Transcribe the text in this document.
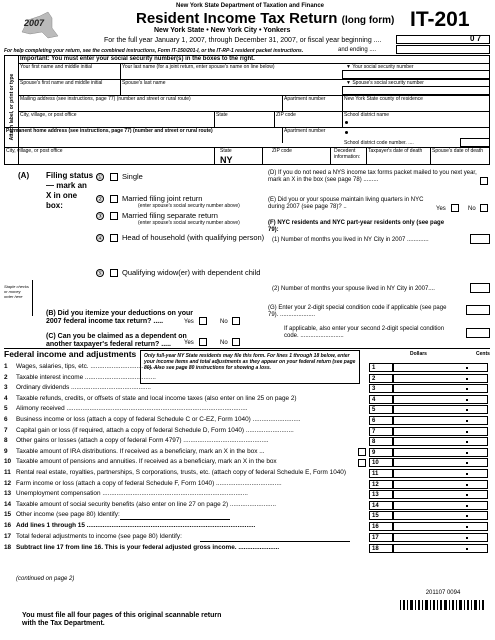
New York State Department of Taxation and Finance
2007	Resident Income Tax Return (long form)
New York State • New York City • Yonkers	IT-201
For the full year January 1, 2007, through December 31, 2007, or fiscal year beginning ....	0 7
and ending ....
For help completing your return, see the combined instructions, Form IT-150/201-I, or the IT-RP-1 resident packet instructions.
Attach label, or print or type
Important: You must enter your social security number(s) in the boxes to the right.
Your first name and middle initial	Your last name (for a joint return, enter spouse's name on line below)	▼ Your social security number
Spouse's first name and middle initial	Spouse's last name	▼ Spouse's social security number
Mailing address (see instructions, page 77) (number and street or rural route)	Apartment number	New York State county of residence
City, village, or post office	State	ZIP code	School district name
Permanent home address (see instructions, page 77) (number and street or rural route)	Apartment number
School district code number. ....
City, village, or post office	State
NY
ZIP code	Decedent information:
Taxpayer's date of death Spouse's date of death
(A) Filing status — mark an X in one box:
①	Single
②	Married filing joint return
(enter spouse's social security number above)
③	Married filing separate return
(enter spouse's social security number above)
④	Head of household (with qualifying person)
⑤	Qualifying widow(er) with dependent child
Staple checks or money order here
(B) Did you itemize your deductions on your 2007 federal income tax return? .....	Yes	No
(C) Can you be claimed as a dependent on another taxpayer's federal return? .....	Yes	No
(D) If you do not need a NYS income tax forms packet mailed to you next year, mark an X in the box (see page 78) .........
(E) Did you or your spouse maintain living quarters in NYC during 2007 (see page 78)? ..	Yes	No
(F) NYC residents and NYC part-year residents only (see page 79):
(1) Number of months you lived in NY City in 2007 .............
(2) Number of months your spouse lived in NY City in 2007....
(G) Enter your 2-digit special condition code if applicable (see page 79). .....................
If applicable, also enter your second 2-digit special condition code. ..........................
Federal income and adjustments Only full-year NY State residents may file this form. For lines 1 through 18 below, enter your income items and total adjustments as they appear on your federal return (see page 80). Also see page 80 instructions for showing a loss.
Dollars	Cents
1 Wages, salaries, tips, etc. ........................................	1
2 Taxable interest income ........................................	2
3 Ordinary dividends .............................................	3
4 Taxable refunds, credits, or offsets of state and local income taxes (also enter on line 25 on page 2)	4
5 Alimony received ......................................................................................................	5
6 Business income or loss (attach a copy of federal Schedule C or C-EZ, Form 1040) ...........................	6
7 Capital gain or loss (if required, attach a copy of federal Schedule D, Form 1040) ...........................	7
8 Other gains or losses (attach a copy of federal Form 4797) ................................................	8
9 Taxable amount of IRA distributions. If received as a beneficiary, mark an X in the box ...	9
10 Taxable amount of pensions and annuities. If received as a beneficiary, mark an X in the box	10
11 Rental real estate, royalties, partnerships, S corporations, trusts, etc. (attach copy of federal Schedule E, Form 1040)	11
12 Farm income or loss (attach a copy of federal Schedule F, Form 1040) .....................................	12
13 Unemployment compensation ..................................................................................	13
14 Taxable amount of social security benefits (also enter on line 27 on page 2) ..........................	14
15 Other income (see page 80) Identify:	15
16 Add lines 1 through 15 ...............................................................................................	16
17 Total federal adjustments to income (see page 80) Identify:	17
18 Subtract line 17 from line 16. This is your federal adjusted gross income. .......................	18
(continued on page 2)
201107 0094
You must file all four pages of this original scannable return with the Tax Department.
